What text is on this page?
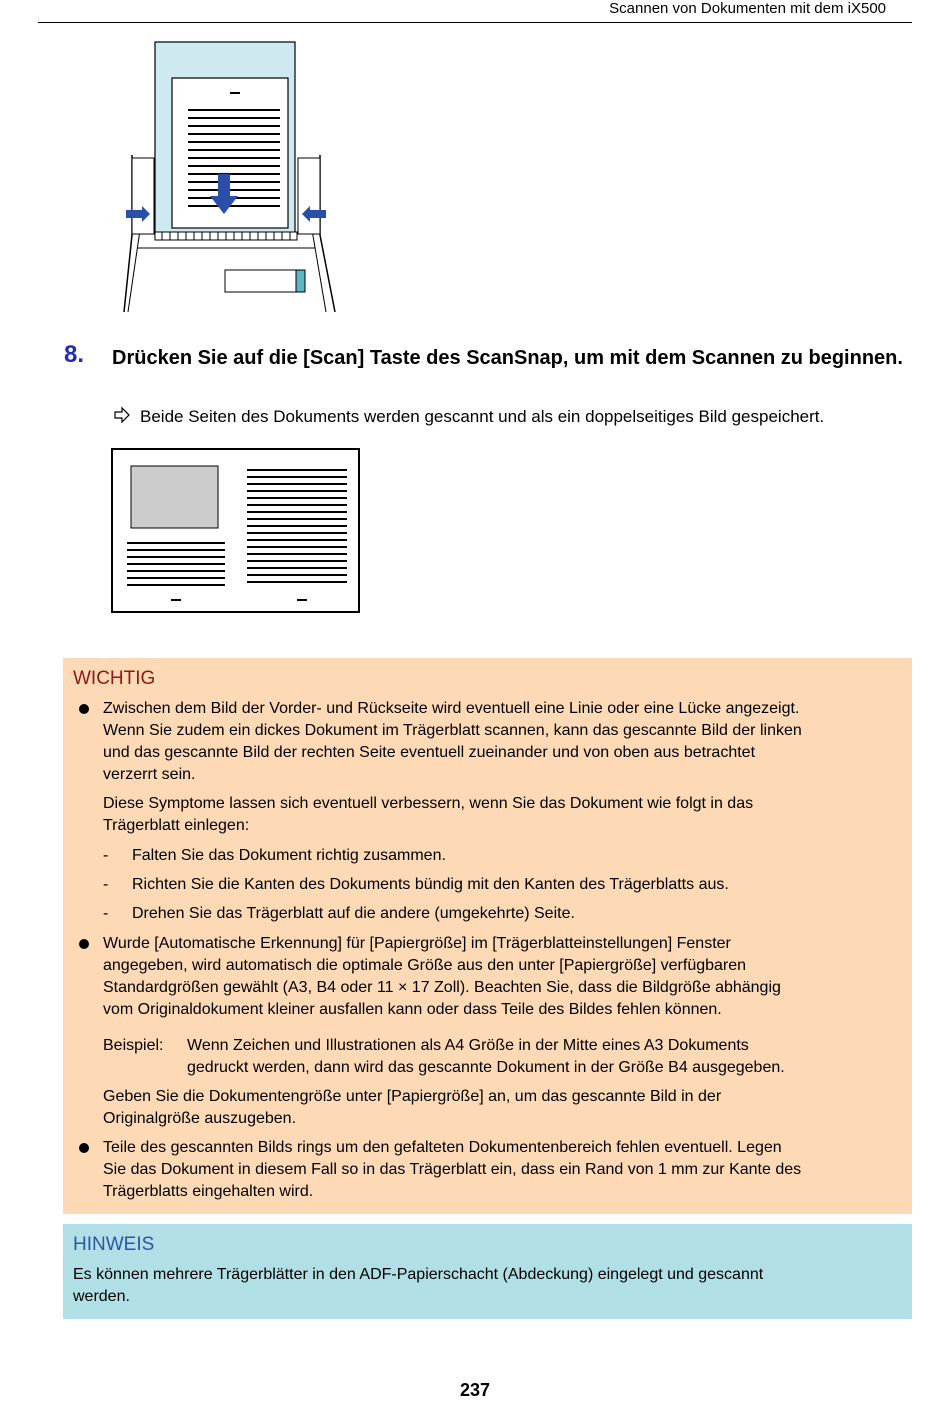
Scannen von Dokumenten mit dem iX500
8. Drücken Sie auf die [Scan] Taste des ScanSnap, um mit dem Scannen zu beginnen.
Beide Seiten des Dokuments werden gescannt und als ein doppelseitiges Bild gespeichert.
WICHTIG
Zwischen dem Bild der Vorder- und Rückseite wird eventuell eine Linie oder eine Lücke angezeigt.
Wenn Sie zudem ein dickes Dokument im Trägerblatt scannen, kann das gescannte Bild der linken
und das gescannte Bild der rechten Seite eventuell zueinander und von oben aus betrachtet
verzerrt sein.
Diese Symptome lassen sich eventuell verbessern, wenn Sie das Dokument wie folgt in das
Trägerblatt einlegen:
- Falten Sie das Dokument richtig zusammen.
- Richten Sie die Kanten des Dokuments bündig mit den Kanten des Trägerblatts aus.
- Drehen Sie das Trägerblatt auf die andere (umgekehrte) Seite.
Wurde [Automatische Erkennung] für [Papiergröße] im [Trägerblatteinstellungen] Fenster
angegeben, wird automatisch die optimale Größe aus den unter [Papiergröße] verfügbaren
Standardgrößen gewählt (A3, B4 oder 11 × 17 Zoll). Beachten Sie, dass die Bildgröße abhängig
vom Originaldokument kleiner ausfallen kann oder dass Teile des Bildes fehlen können.
Beispiel: Wenn Zeichen und Illustrationen als A4 Größe in der Mitte eines A3 Dokuments
gedruckt werden, dann wird das gescannte Dokument in der Größe B4 ausgegeben.
Geben Sie die Dokumentengröße unter [Papiergröße] an, um das gescannte Bild in der
Originalgröße auszugeben.
Teile des gescannten Bilds rings um den gefalteten Dokumentenbereich fehlen eventuell. Legen
Sie das Dokument in diesem Fall so in das Trägerblatt ein, dass ein Rand von 1 mm zur Kante des
Trägerblatts eingehalten wird.
HINWEIS
Es können mehrere Trägerblätter in den ADF-Papierschacht (Abdeckung) eingelegt und gescannt
werden.
237
